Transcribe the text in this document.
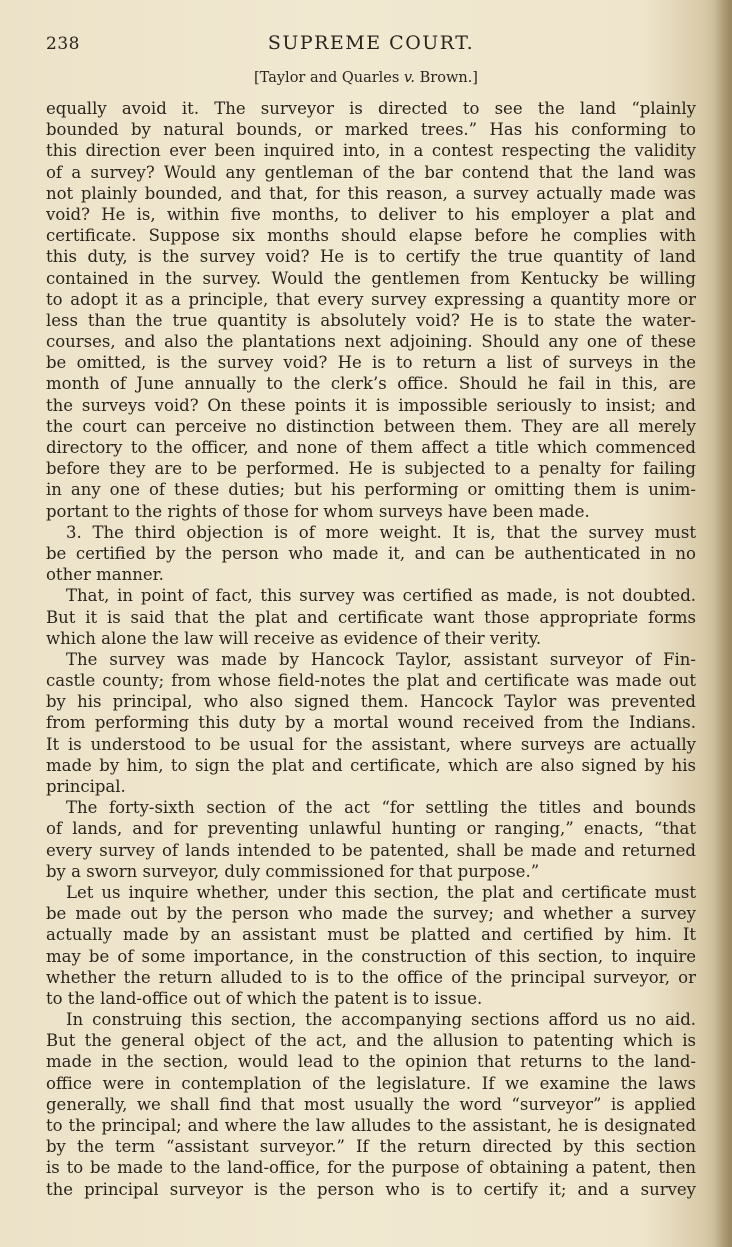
238	SUPREME COURT.
[Taylor and Quarles v. Brown.]
equally avoid it. The surveyor is directed to see the land “plainly
bounded by natural bounds, or marked trees.” Has his conforming to
this direction ever been inquired into, in a contest respecting the validity
of a survey? Would any gentleman of the bar contend that the land was
not plainly bounded, and that, for this reason, a survey actually made was
void? He is, within five months, to deliver to his employer a plat and
certificate. Suppose six months should elapse before he complies with
this duty, is the survey void? He is to certify the true quantity of land
contained in the survey. Would the gentlemen from Kentucky be willing
to adopt it as a principle, that every survey expressing a quantity more or
less than the true quantity is absolutely void? He is to state the water-
courses, and also the plantations next adjoining. Should any one of these
be omitted, is the survey void? He is to return a list of surveys in the
month of June annually to the clerk’s office. Should he fail in this, are
the surveys void? On these points it is impossible seriously to insist; and
the court can perceive no distinction between them. They are all merely
directory to the officer, and none of them affect a title which commenced
before they are to be performed. He is subjected to a penalty for failing
in any one of these duties; but his performing or omitting them is unim-
portant to the rights of those for whom surveys have been made.
3. The third objection is of more weight. It is, that the survey must
be certified by the person who made it, and can be authenticated in no
other manner.
That, in point of fact, this survey was certified as made, is not doubted.
But it is said that the plat and certificate want those appropriate forms
which alone the law will receive as evidence of their verity.
The survey was made by Hancock Taylor, assistant surveyor of Fin-
castle county; from whose field-notes the plat and certificate was made out
by his principal, who also signed them. Hancock Taylor was prevented
from performing this duty by a mortal wound received from the Indians.
It is understood to be usual for the assistant, where surveys are actually
made by him, to sign the plat and certificate, which are also signed by his
principal.
The forty-sixth section of the act “for settling the titles and bounds
of lands, and for preventing unlawful hunting or ranging,” enacts, “that
every survey of lands intended to be patented, shall be made and returned
by a sworn surveyor, duly commissioned for that purpose.”
Let us inquire whether, under this section, the plat and certificate must
be made out by the person who made the survey; and whether a survey
actually made by an assistant must be platted and certified by him. It
may be of some importance, in the construction of this section, to inquire
whether the return alluded to is to the office of the principal surveyor, or
to the land-office out of which the patent is to issue.
In construing this section, the accompanying sections afford us no aid.
But the general object of the act, and the allusion to patenting which is
made in the section, would lead to the opinion that returns to the land-
office were in contemplation of the legislature. If we examine the laws
generally, we shall find that most usually the word “surveyor” is applied
to the principal; and where the law alludes to the assistant, he is designated
by the term “assistant surveyor.” If the return directed by this section
is to be made to the land-office, for the purpose of obtaining a patent, then
the principal surveyor is the person who is to certify it; and a survey
